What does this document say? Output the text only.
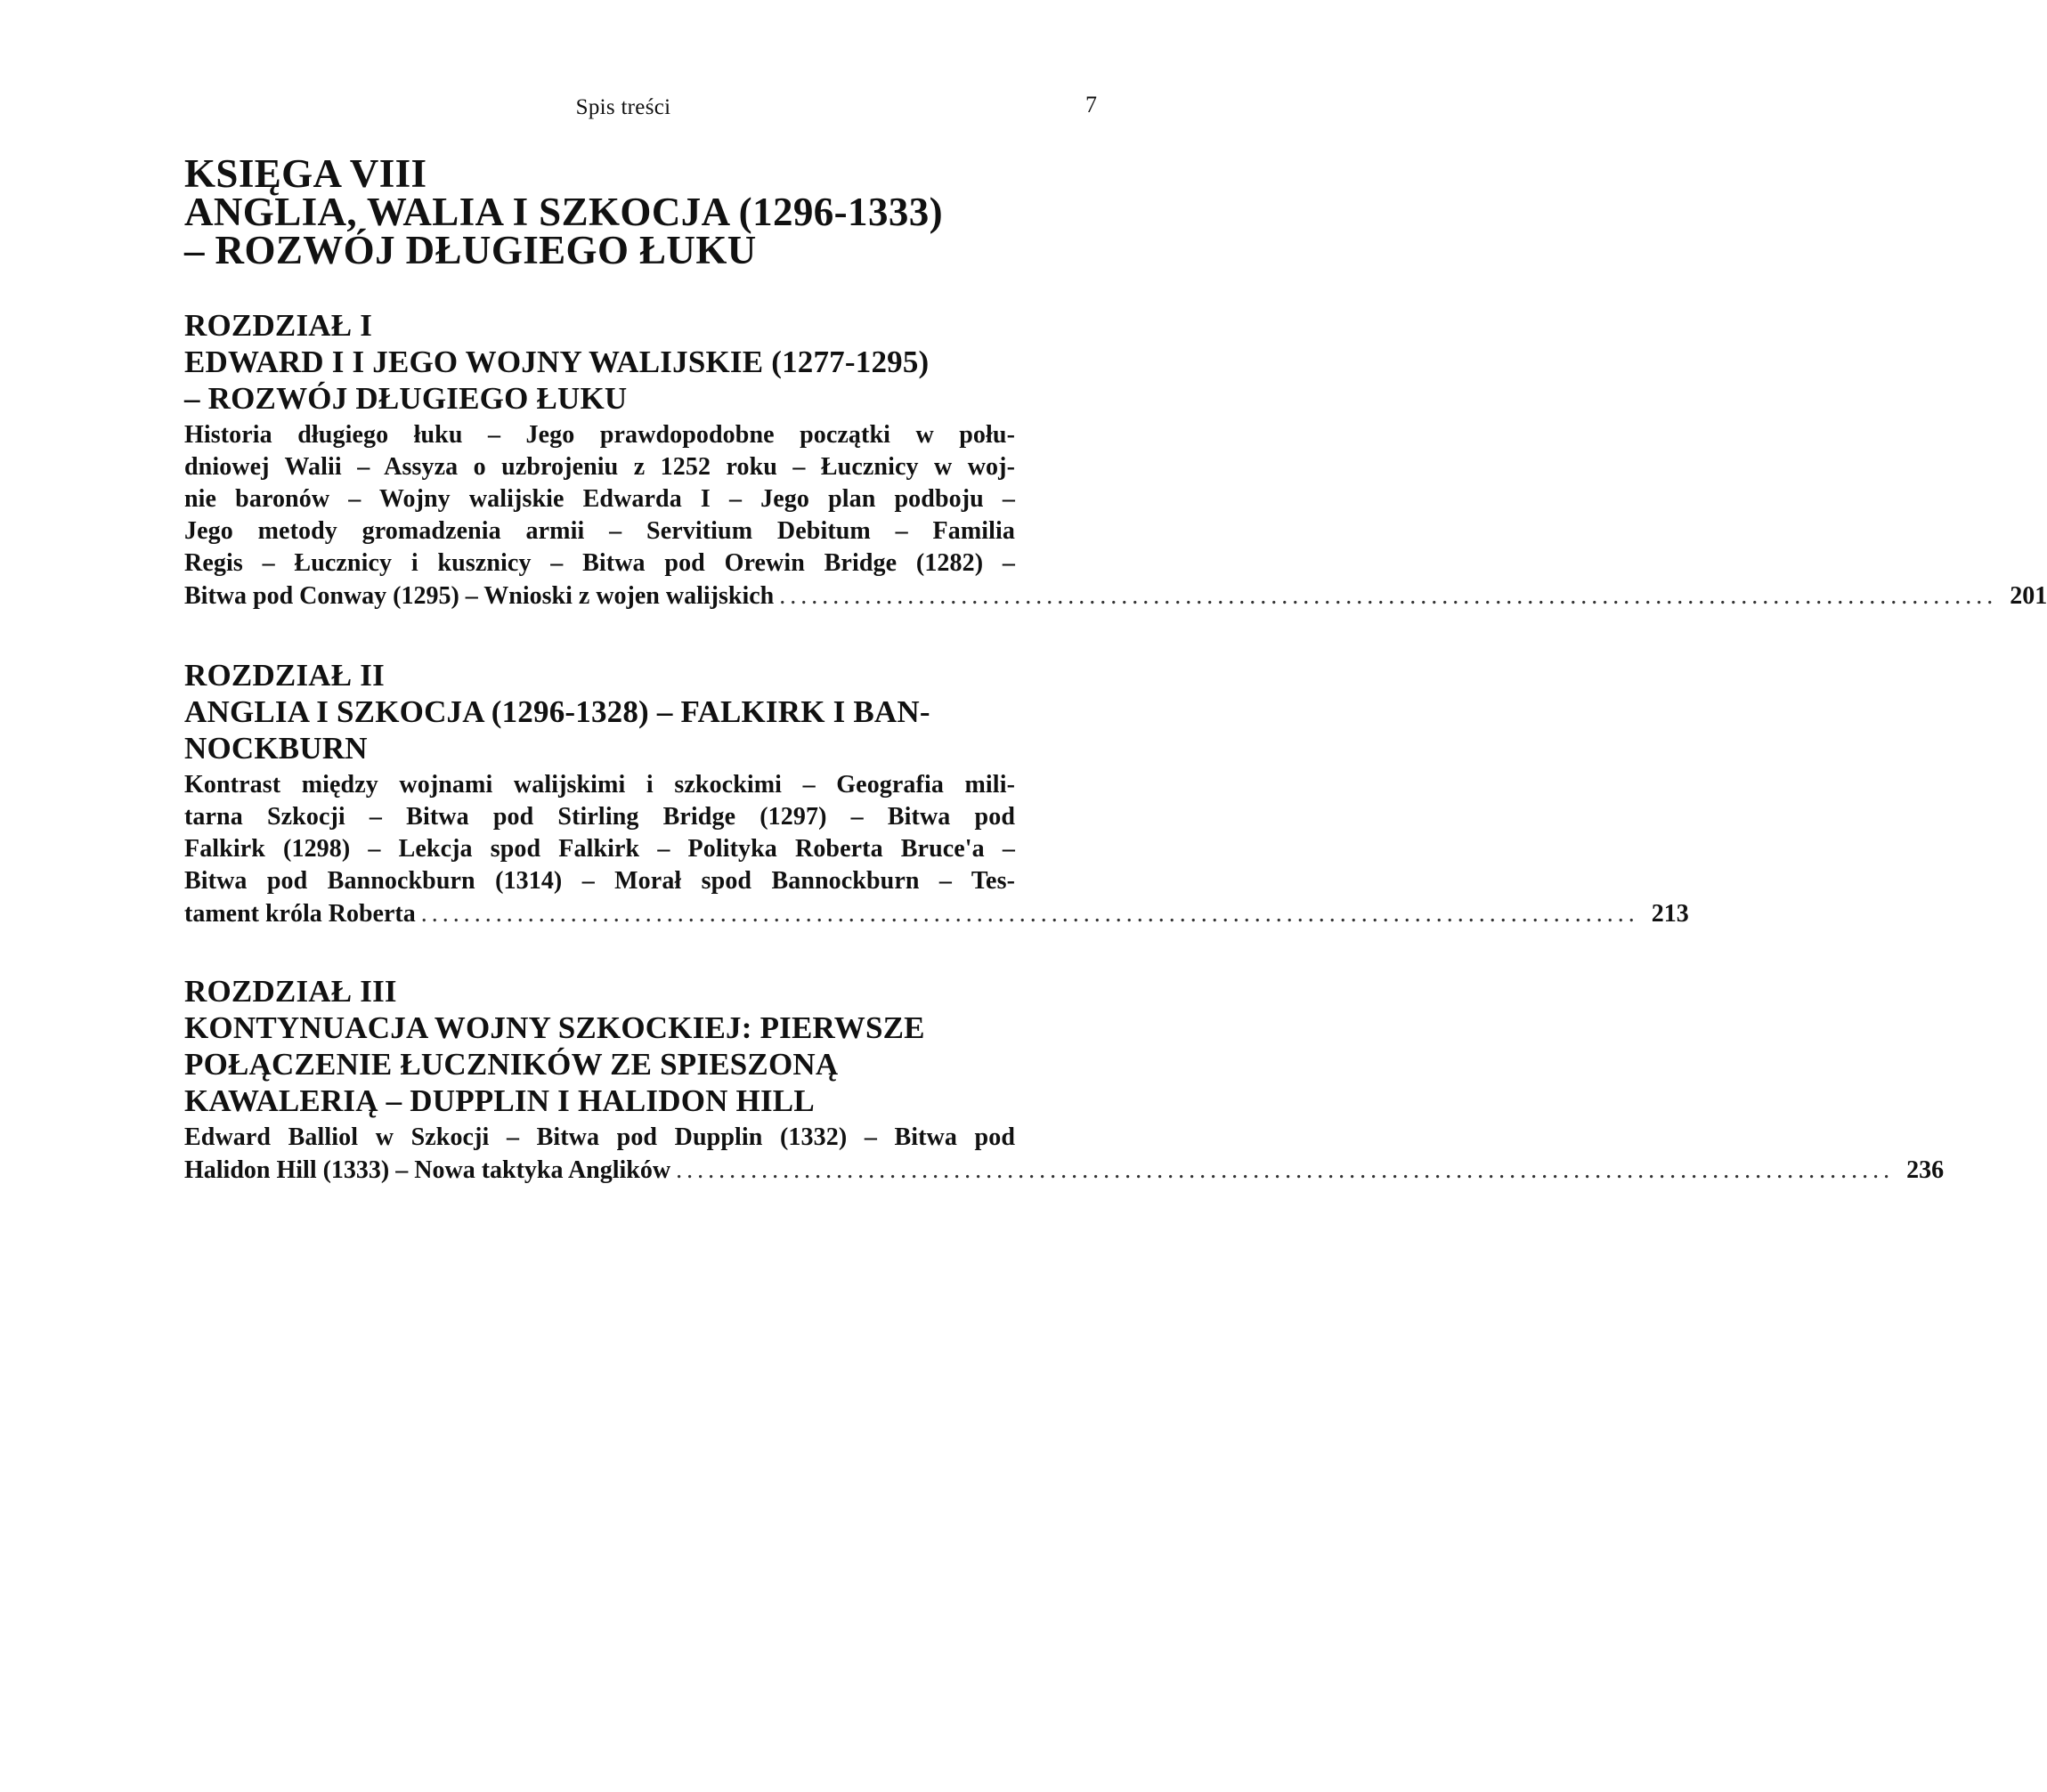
Spis treści	7
KSIĘGA VIII
ANGLIA, WALIA I SZKOCJA (1296-1333)
– ROZWÓJ DŁUGIEGO ŁUKU
ROZDZIAŁ I
EDWARD I I JEGO WOJNY WALIJSKIE (1277-1295)
– ROZWÓJ DŁUGIEGO ŁUKU
Historia długiego łuku – Jego prawdopodobne początki w połu-
dniowej Walii – Assyza o uzbrojeniu z 1252 roku – Łucznicy w woj-
nie baronów – Wojny walijskie Edwarda I – Jego plan podboju –
Jego metody gromadzenia armii – Servitium Debitum – Familia
Regis – Łucznicy i kusznicy – Bitwa pod Orewin Bridge (1282) –
Bitwa pod Conway (1295) – Wnioski z wojen walijskich .................................................................................................................. 201
ROZDZIAŁ II
ANGLIA I SZKOCJA (1296-1328) – FALKIRK I BAN-
NOCKBURN
Kontrast między wojnami walijskimi i szkockimi – Geografia mili-
tarna Szkocji – Bitwa pod Stirling Bridge (1297) – Bitwa pod
Falkirk (1298) – Lekcja spod Falkirk – Polityka Roberta Bruce'a –
Bitwa pod Bannockburn (1314) – Morał spod Bannockburn – Tes-
tament króla Roberta .................................................................................................................. 213
ROZDZIAŁ III
KONTYNUACJA WOJNY SZKOCKIEJ: PIERWSZE
POŁĄCZENIE ŁUCZNIKÓW ZE SPIESZONĄ
KAWALERIĄ – DUPPLIN I HALIDON HILL
Edward Balliol w Szkocji – Bitwa pod Dupplin (1332) – Bitwa pod
Halidon Hill (1333) – Nowa taktyka Anglików .................................................................................................................. 236
